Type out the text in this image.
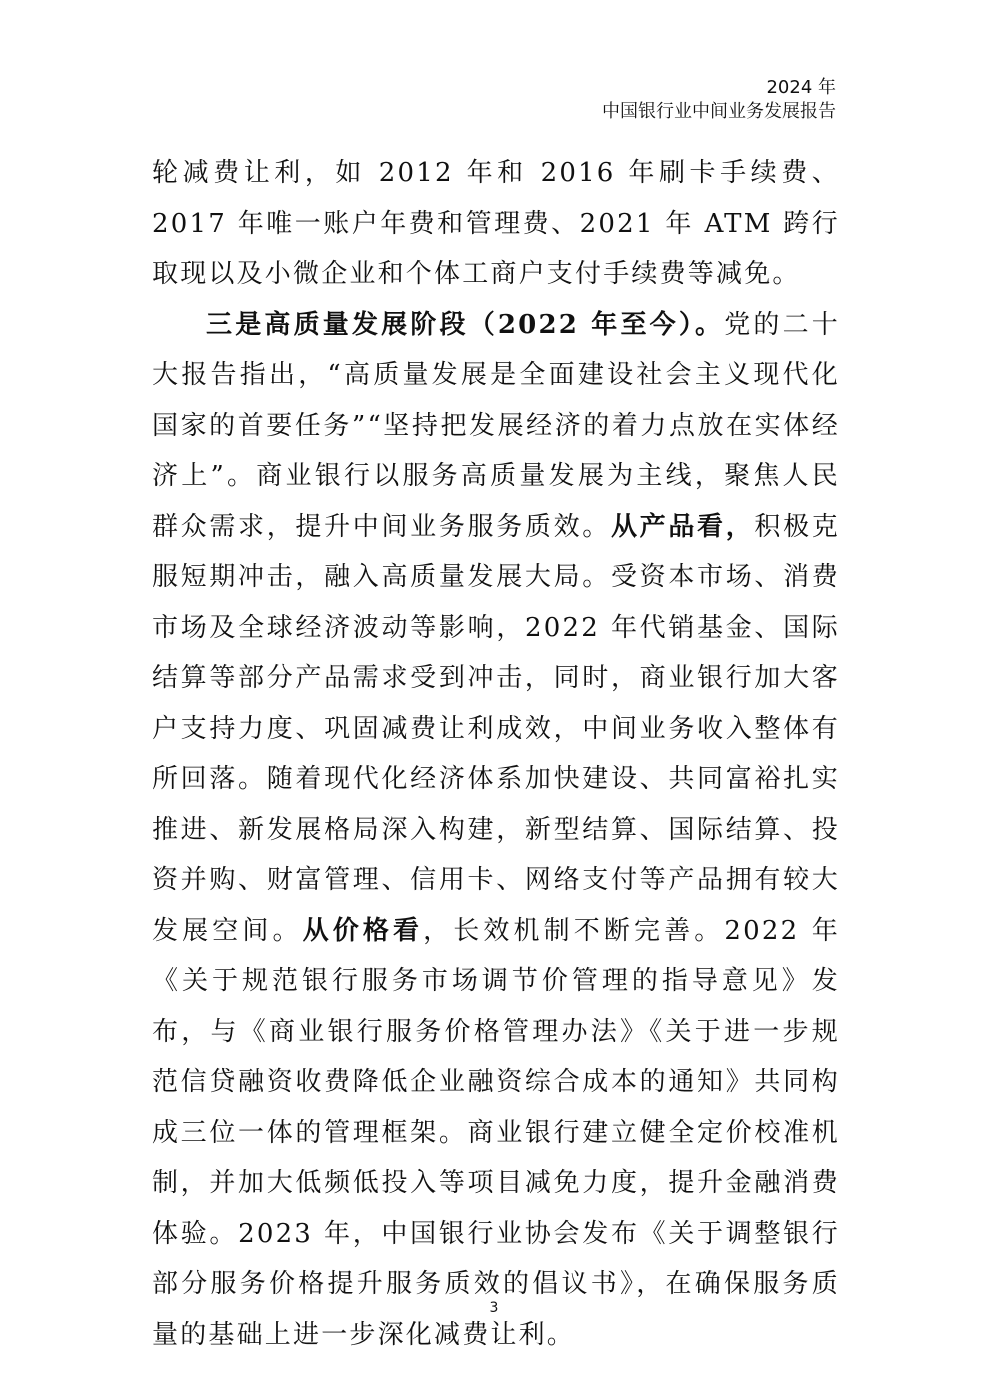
2024 年
中国银行业中间业务发展报告

轮减费让利，如 2012 年和 2016 年刷卡手续费、2017 年唯一账户年费和管理费、2021 年 ATM 跨行取现以及小微企业和个体工商户支付手续费等减免。

三是高质量发展阶段（2022 年至今）。党的二十大报告指出，“高质量发展是全面建设社会主义现代化国家的首要任务”“坚持把发展经济的着力点放在实体经济上”。商业银行以服务高质量发展为主线，聚焦人民群众需求，提升中间业务服务质效。从产品看，积极克服短期冲击，融入高质量发展大局。受资本市场、消费市场及全球经济波动等影响，2022 年代销基金、国际结算等部分产品需求受到冲击，同时，商业银行加大客户支持力度、巩固减费让利成效，中间业务收入整体有所回落。随着现代化经济体系加快建设、共同富裕扎实推进、新发展格局深入构建，新型结算、国际结算、投资并购、财富管理、信用卡、网络支付等产品拥有较大发展空间。从价格看，长效机制不断完善。2022 年《关于规范银行服务市场调节价管理的指导意见》发布，与《商业银行服务价格管理办法》《关于进一步规范信贷融资收费降低企业融资综合成本的通知》共同构成三位一体的管理框架。商业银行建立健全定价校准机制，并加大低频低投入等项目减免力度，提升金融消费体验。2023 年，中国银行业协会发布《关于调整银行部分服务价格提升服务质效的倡议书》，在确保服务质量的基础上进一步深化减费让利。

3
